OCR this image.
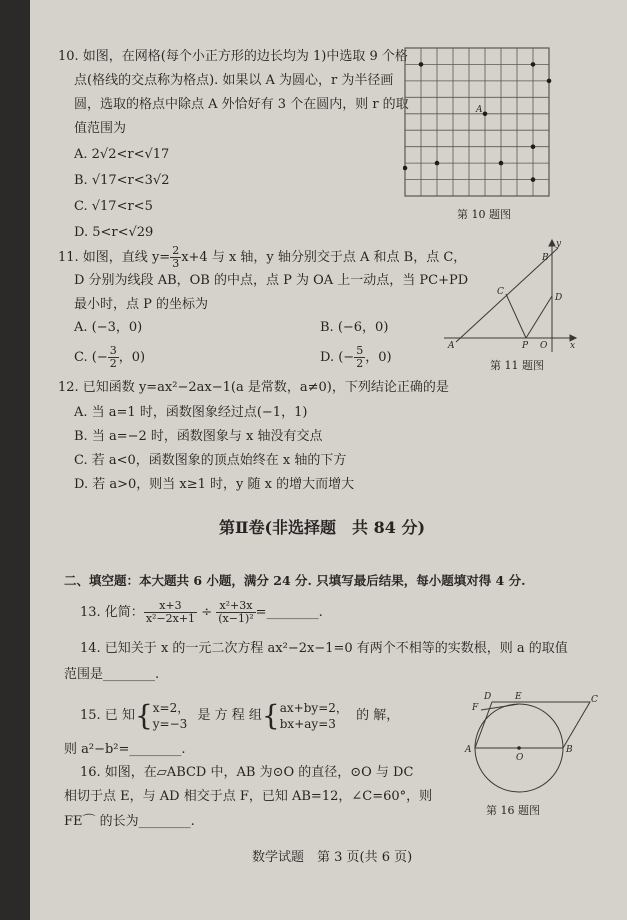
10. 如图，在网格(每个小正方形的边长均为 1)中选取 9 个格
点(格线的交点称为格点). 如果以 A 为圆心，r 为半径画
圆，选取的格点中除点 A 外恰好有 3 个在圆内，则 r 的取
值范围为
A. 2√2<r<√17
B. √17<r<3√2
C. √17<r<5
D. 5<r<√29
A
第 10 题图
11. 如图，直线 $y= \frac{2}{3} x+4$ 与 x 轴，y 轴分别交于点 A 和点 B，点 C，
D 分别为线段 AB，OB 的中点，点 P 为 OA 上一动点，当 PC+PD
最小时，点 P 的坐标为
A. (−3，0)	B. (−6，0)
C. (− $\frac{3}{2}$ ，0)	D. (− $\frac{5}{2}$ ，0)
y
B
C
D
A	P O	x
第 11 题图
12. 已知函数 y=ax²−2ax−1(a 是常数，a≠0)，下列结论正确的是
A. 当 a=1 时，函数图象经过点(−1，1)
B. 当 a=−2 时，函数图象与 x 轴没有交点
C. 若 a<0，函数图象的顶点始终在 x 轴的下方
D. 若 a>0，则当 x≥1 时，y 随 x 的增大而增大
第Ⅱ卷(非选择题　共 84 分)
二、填空题：本大题共 6 小题，满分 24 分. 只填写最后结果，每小题填对得 4 分.
13. 化简： $\frac{x+3}{\text{x²−2x+1}} \div \frac{\text{x²+3x}}{\text{(x−1)²}}$ =________.
14. 已知关于 x 的一元二次方程 ax²−2x−1=0 有两个不相等的实数根，则 a 的取值
范围是________.
15. 已 知{ x=2，
y=−3
是 方 程 组{ ax+by=2，
bx+ay=3
的 解，
则 a²−b²=________.
16. 如图，在▱ABCD 中，AB 为⊙O 的直径，⊙O 与 DC
相切于点 E，与 AD 相交于点 F，已知 AB=12，∠C=60°，则
FE⌒ 的长为________.
D	E	C
F
A
O
B
第 16 题图
数学试题　第 3 页(共 6 页)
